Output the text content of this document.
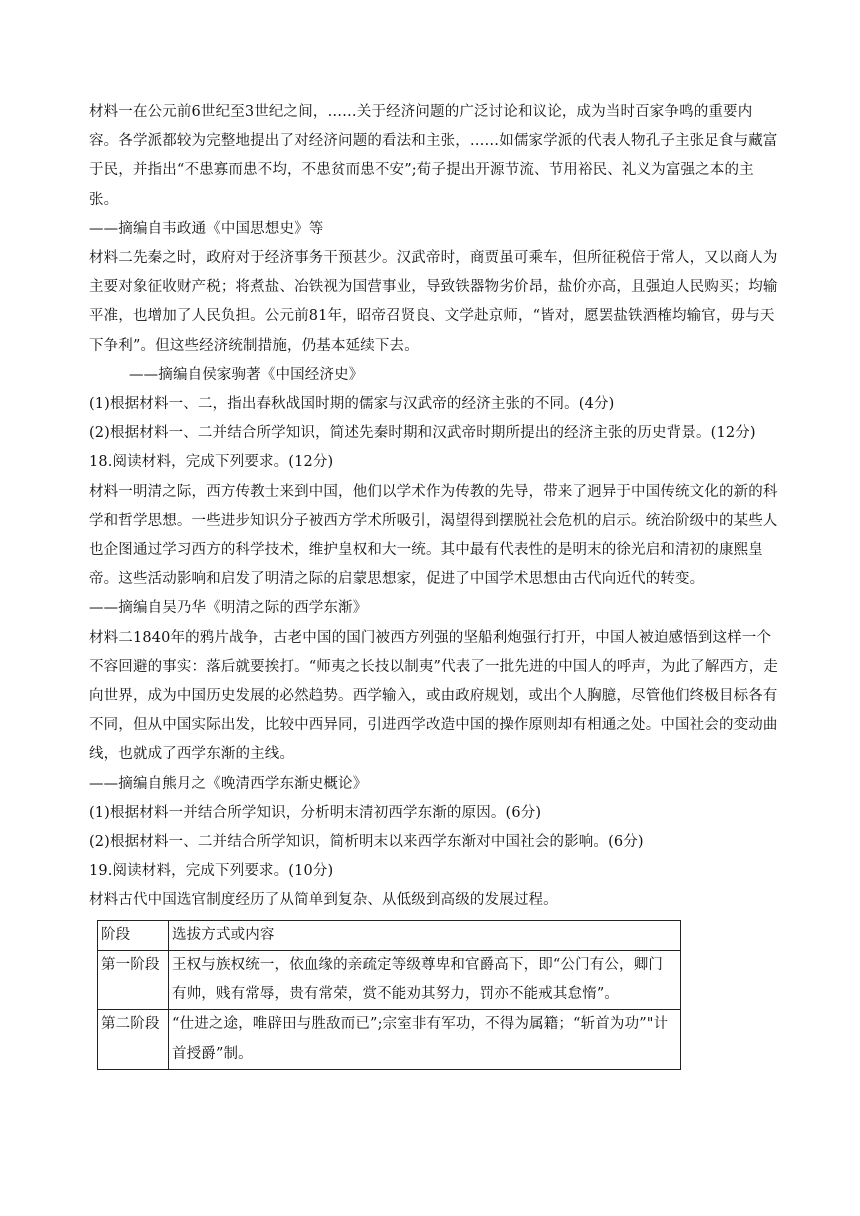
材料一在公元前6世纪至3世纪之间，……关于经济问题的广泛讨论和议论，成为当时百家争鸣的重要内容。各学派都较为完整地提出了对经济问题的看法和主张，……如儒家学派的代表人物孔子主张足食与藏富于民，并指出“不患寡而患不均，不患贫而患不安”;荀子提出开源节流、节用裕民、礼义为富强之本的主张。

——摘编自韦政通《中国思想史》等

材料二先秦之时，政府对于经济事务干预甚少。汉武帝时，商贾虽可乘车，但所征税倍于常人，又以商人为主要对象征收财产税；将煮盐、冶铁视为国营事业，导致铁器物劣价昂，盐价亦高，且强迫人民购买；均输平准，也增加了人民负担。公元前81年，昭帝召贤良、文学赴京师，“皆对，愿罢盐铁酒榷均输官，毋与天下争利”。但这些经济统制措施，仍基本延续下去。

——摘编自侯家驹著《中国经济史》

(1)根据材料一、二，指出春秋战国时期的儒家与汉武帝的经济主张的不同。(4分)

(2)根据材料一、二并结合所学知识，简述先秦时期和汉武帝时期所提出的经济主张的历史背景。(12分)

18.阅读材料，完成下列要求。(12分)

材料一明清之际，西方传教士来到中国，他们以学术作为传教的先导，带来了迥异于中国传统文化的新的科学和哲学思想。一些进步知识分子被西方学术所吸引，渴望得到摆脱社会危机的启示。统治阶级中的某些人也企图通过学习西方的科学技术，维护皇权和大一统。其中最有代表性的是明末的徐光启和清初的康熙皇帝。这些活动影响和启发了明清之际的启蒙思想家，促进了中国学术思想由古代向近代的转变。

——摘编自吴乃华《明清之际的西学东渐》

材料二1840年的鸦片战争，古老中国的国门被西方列强的坚船利炮强行打开，中国人被迫感悟到这样一个不容回避的事实：落后就要挨打。“师夷之长技以制夷”代表了一批先进的中国人的呼声，为此了解西方，走向世界，成为中国历史发展的必然趋势。西学输入，或由政府规划，或出个人胸臆，尽管他们终极目标各有不同，但从中国实际出发，比较中西异同，引进西学改造中国的操作原则却有相通之处。中国社会的变动曲线，也就成了西学东渐的主线。

——摘编自熊月之《晚清西学东渐史概论》

(1)根据材料一并结合所学知识，分析明末清初西学东渐的原因。(6分)

(2)根据材料一、二并结合所学知识，简析明末以来西学东渐对中国社会的影响。(6分)

19.阅读材料，完成下列要求。(10分)

材料古代中国选官制度经历了从简单到复杂、从低级到高级的发展过程。

阶段	选拔方式或内容
第一阶段	王权与族权统一，依血缘的亲疏定等级尊卑和官爵高下，即“公门有公，卿门有帅，贱有常辱，贵有常荣，赏不能劝其努力，罚亦不能戒其怠惰”。
第二阶段	“仕进之途，唯辟田与胜敌而已”;宗室非有军功，不得为属籍；“斩首为功”"计首授爵”制。
